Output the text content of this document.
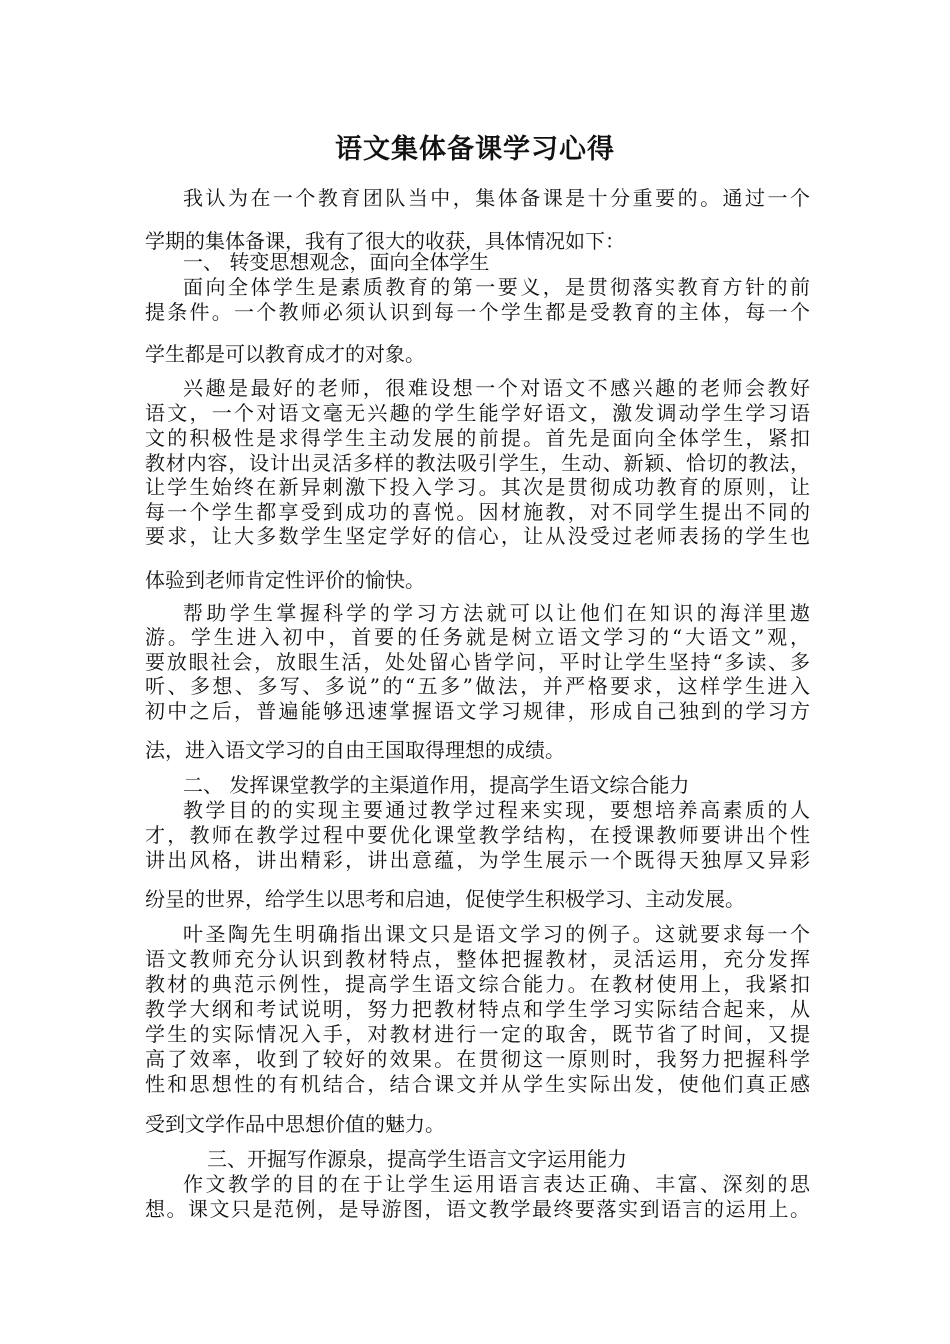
语文集体备课学习心得
我认为在一个教育团队当中，集体备课是十分重要的。通过一个
学期的集体备课，我有了很大的收获，具体情况如下：
一、 转变思想观念，面向全体学生
面向全体学生是素质教育的第一要义，是贯彻落实教育方针的前
提条件。一个教师必须认识到每一个学生都是受教育的主体，每一个
学生都是可以教育成才的对象。
兴趣是最好的老师，很难设想一个对语文不感兴趣的老师会教好
语文，一个对语文毫无兴趣的学生能学好语文，激发调动学生学习语
文的积极性是求得学生主动发展的前提。首先是面向全体学生，紧扣
教材内容，设计出灵活多样的教法吸引学生，生动、新颖、恰切的教法，
让学生始终在新异刺激下投入学习。其次是贯彻成功教育的原则，让
每一个学生都享受到成功的喜悦。因材施教，对不同学生提出不同的
要求，让大多数学生坚定学好的信心，让从没受过老师表扬的学生也
体验到老师肯定性评价的愉快。
帮助学生掌握科学的学习方法就可以让他们在知识的海洋里遨
游。学生进入初中，首要的任务就是树立语文学习的“大语文”观，
要放眼社会，放眼生活，处处留心皆学问，平时让学生坚持“多读、多
听、多想、多写、多说”的“五多”做法，并严格要求，这样学生进入
初中之后，普遍能够迅速掌握语文学习规律，形成自己独到的学习方
法，进入语文学习的自由王国取得理想的成绩。
二、 发挥课堂教学的主渠道作用，提高学生语文综合能力
教学目的的实现主要通过教学过程来实现，要想培养高素质的人
才，教师在教学过程中要优化课堂教学结构，在授课教师要讲出个性
讲出风格，讲出精彩，讲出意蕴，为学生展示一个既得天独厚又异彩
纷呈的世界，给学生以思考和启迪，促使学生积极学习、主动发展。
叶圣陶先生明确指出课文只是语文学习的例子。这就要求每一个
语文教师充分认识到教材特点，整体把握教材，灵活运用，充分发挥
教材的典范示例性，提高学生语文综合能力。在教材使用上，我紧扣
教学大纲和考试说明，努力把教材特点和学生学习实际结合起来，从
学生的实际情况入手，对教材进行一定的取舍，既节省了时间，又提
高了效率，收到了较好的效果。在贯彻这一原则时，我努力把握科学
性和思想性的有机结合，结合课文并从学生实际出发，使他们真正感
受到文学作品中思想价值的魅力。
三、开掘写作源泉，提高学生语言文字运用能力
作文教学的目的在于让学生运用语言表达正确、丰富、深刻的思
想。课文只是范例，是导游图，语文教学最终要落实到语言的运用上。
